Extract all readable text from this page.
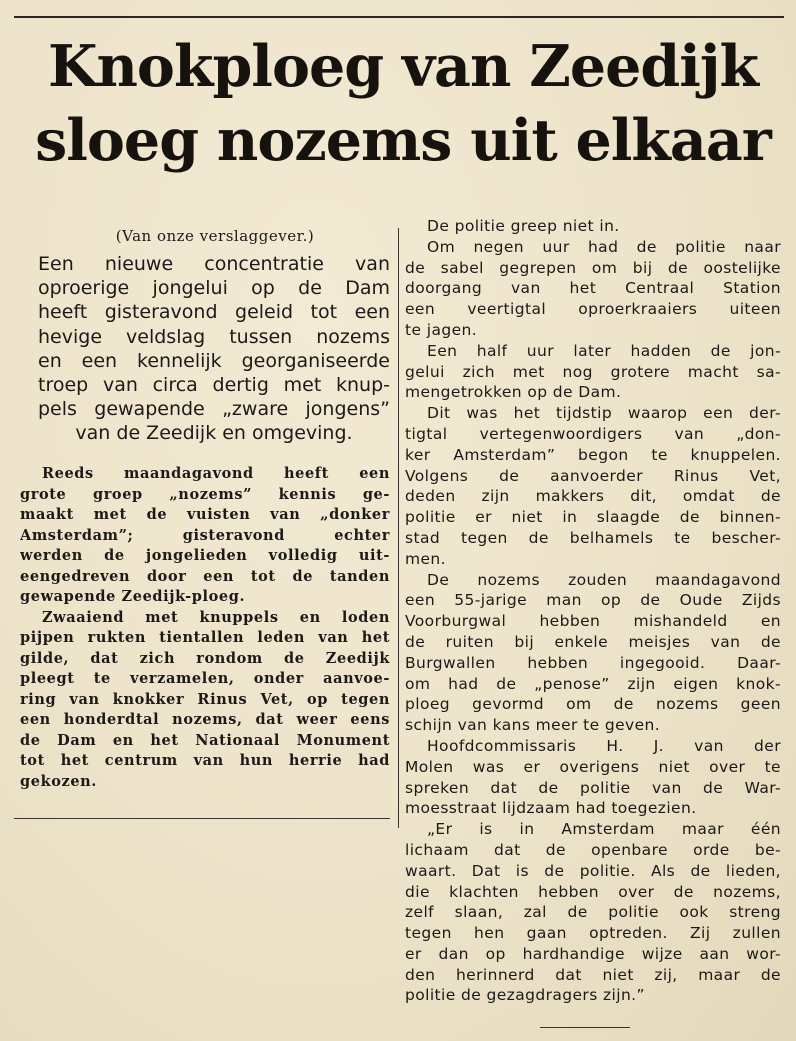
Knokploeg van Zeedijk
sloeg nozems uit elkaar
(Van onze verslaggever.)
Een nieuwe concentratie van
oproerige jongelui op de Dam
heeft gisteravond geleid tot een
hevige veldslag tussen nozems
en een kennelijk georganiseerde
troep van circa dertig met knup-
pels gewapende „zware jongens”
van de Zeedijk en omgeving.
Reeds maandagavond heeft een
grote groep „nozems” kennis ge-
maakt met de vuisten van „donker
Amsterdam”; gisteravond echter
werden de jongelieden volledig uit-
eengedreven door een tot de tanden
gewapende Zeedijk-ploeg.
Zwaaiend met knuppels en loden
pijpen rukten tientallen leden van het
gilde, dat zich rondom de Zeedijk
pleegt te verzamelen, onder aanvoe-
ring van knokker Rinus Vet, op tegen
een honderdtal nozems, dat weer eens
de Dam en het Nationaal Monument
tot het centrum van hun herrie had
gekozen.
De politie greep niet in.
Om negen uur had de politie naar
de sabel gegrepen om bij de oostelijke
doorgang van het Centraal Station
een veertigtal oproerkraaiers uiteen
te jagen.
Een half uur later hadden de jon-
gelui zich met nog grotere macht sa-
mengetrokken op de Dam.
Dit was het tijdstip waarop een der-
tigtal vertegenwoordigers van „don-
ker Amsterdam” begon te knuppelen.
Volgens de aanvoerder Rinus Vet,
deden zijn makkers dit, omdat de
politie er niet in slaagde de binnen-
stad tegen de belhamels te bescher-
men.
De nozems zouden maandagavond
een 55-jarige man op de Oude Zijds
Voorburgwal hebben mishandeld en
de ruiten bij enkele meisjes van de
Burgwallen hebben ingegooid. Daar-
om had de „penose” zijn eigen knok-
ploeg gevormd om de nozems geen
schijn van kans meer te geven.
Hoofdcommissaris H. J. van der
Molen was er overigens niet over te
spreken dat de politie van de War-
moesstraat lijdzaam had toegezien.
„Er is in Amsterdam maar één
lichaam dat de openbare orde be-
waart. Dat is de politie. Als de lieden,
die klachten hebben over de nozems,
zelf slaan, zal de politie ook streng
tegen hen gaan optreden. Zij zullen
er dan op hardhandige wijze aan wor-
den herinnerd dat niet zij, maar de
politie de gezagdragers zijn.”
